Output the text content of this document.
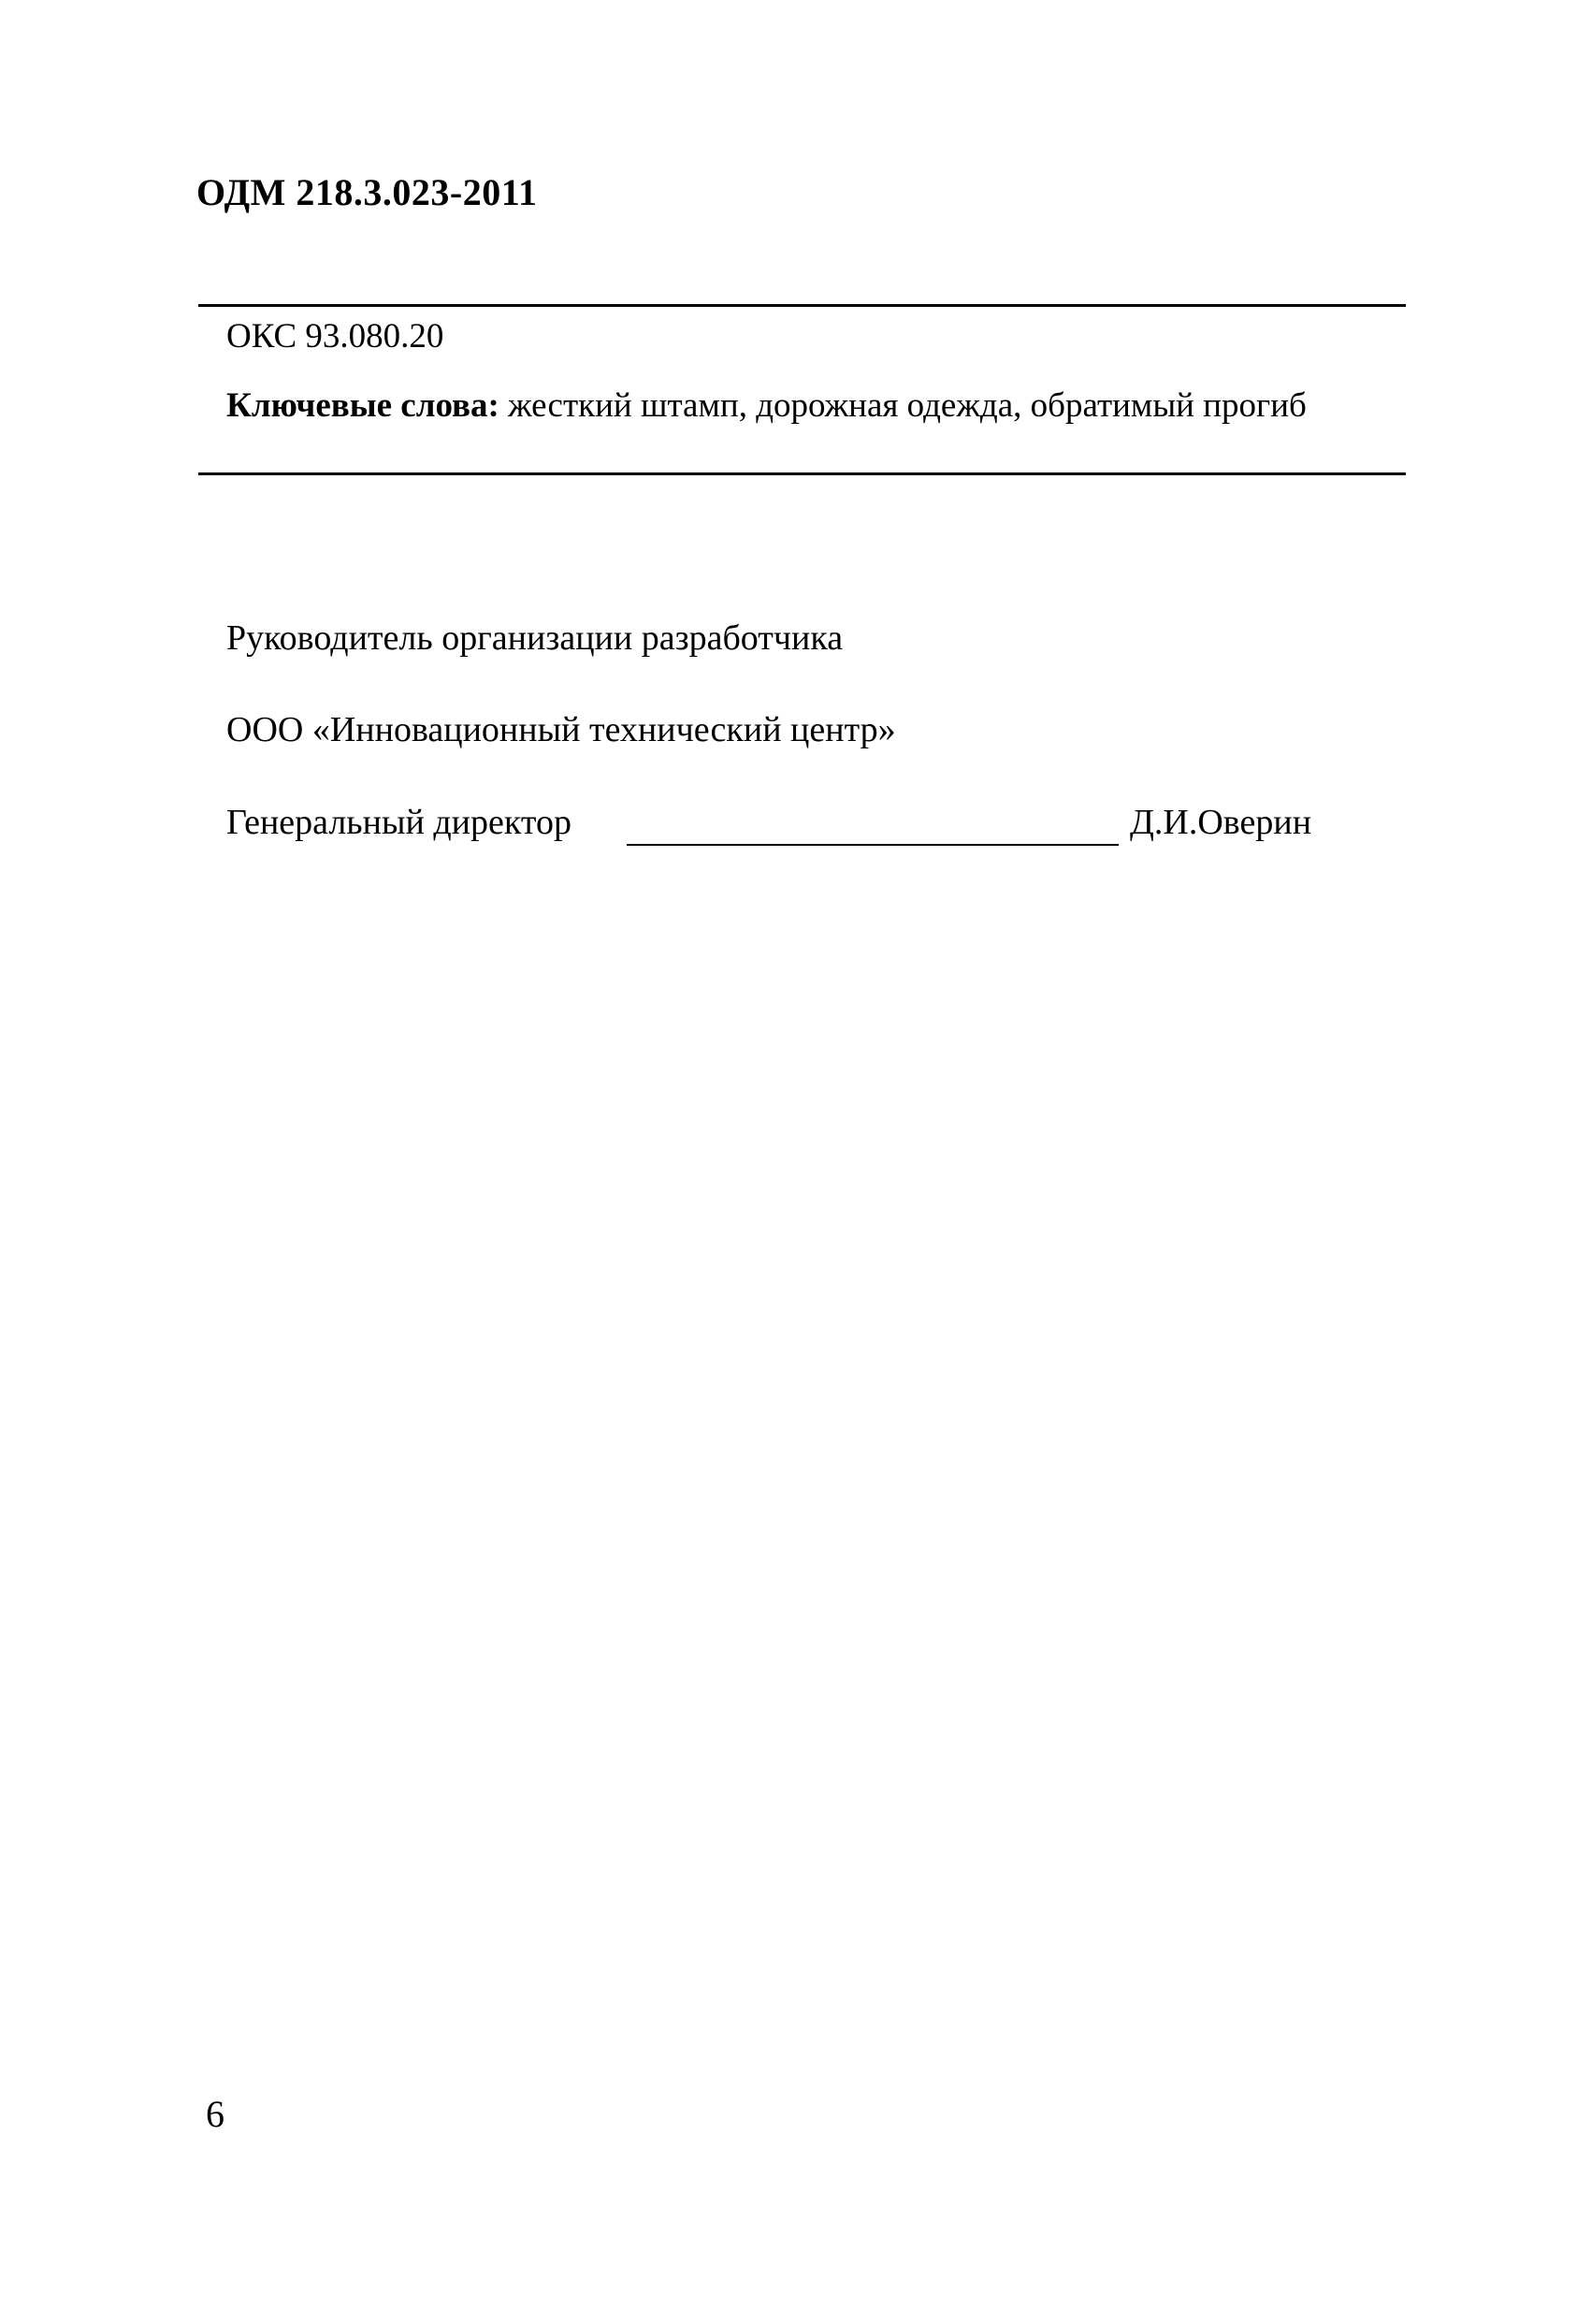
ОДМ 218.3.023-2011
ОКС 93.080.20
Ключевые слова: жесткий штамп, дорожная одежда, обратимый прогиб
Руководитель организации разработчика
ООО «Инновационный технический центр»
Генеральный директор	Д.И.Оверин
6
